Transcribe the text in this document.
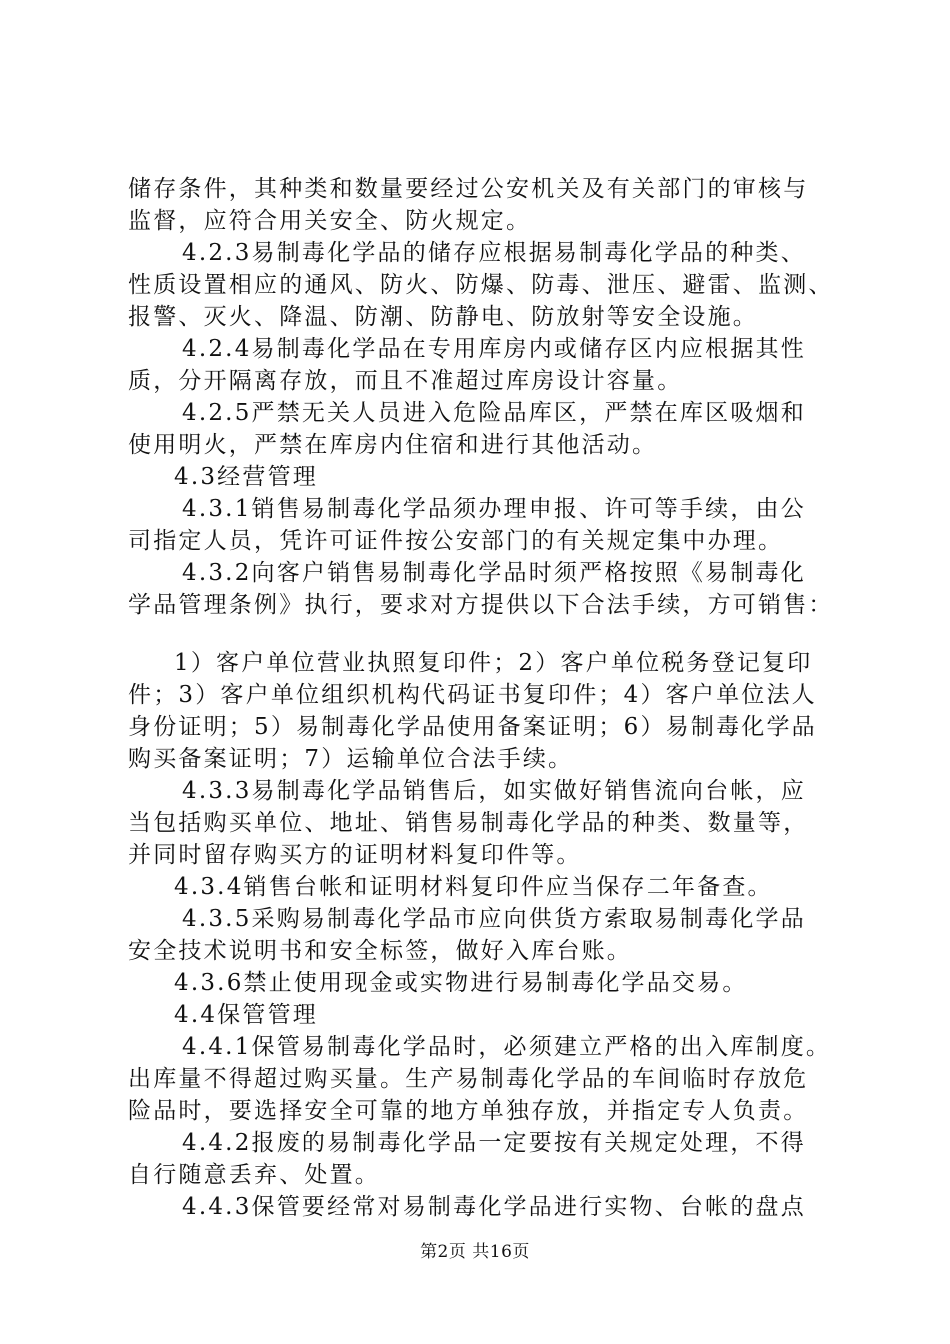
储存条件，其种类和数量要经过公安机关及有关部门的审核与
监督，应符合用关安全、防火规定。
4.2.3易制毒化学品的储存应根据易制毒化学品的种类、
性质设置相应的通风、防火、防爆、防毒、泄压、避雷、监测、
报警、灭火、降温、防潮、防静电、防放射等安全设施。
4.2.4易制毒化学品在专用库房内或储存区内应根据其性
质，分开隔离存放，而且不准超过库房设计容量。
4.2.5严禁无关人员进入危险品库区，严禁在库区吸烟和
使用明火，严禁在库房内住宿和进行其他活动。
4.3经营管理
4.3.1销售易制毒化学品须办理申报、许可等手续，由公
司指定人员，凭许可证件按公安部门的有关规定集中办理。
4.3.2向客户销售易制毒化学品时须严格按照《易制毒化
学品管理条例》执行，要求对方提供以下合法手续，方可销售：
1）客户单位营业执照复印件；2）客户单位税务登记复印
件；3）客户单位组织机构代码证书复印件；4）客户单位法人
身份证明；5）易制毒化学品使用备案证明；6）易制毒化学品
购买备案证明；7）运输单位合法手续。
4.3.3易制毒化学品销售后，如实做好销售流向台帐，应
当包括购买单位、地址、销售易制毒化学品的种类、数量等，
并同时留存购买方的证明材料复印件等。
4.3.4销售台帐和证明材料复印件应当保存二年备查。
4.3.5采购易制毒化学品市应向供货方索取易制毒化学品
安全技术说明书和安全标签，做好入库台账。
4.3.6禁止使用现金或实物进行易制毒化学品交易。
4.4保管管理
4.4.1保管易制毒化学品时，必须建立严格的出入库制度。
出库量不得超过购买量。生产易制毒化学品的车间临时存放危
险品时，要选择安全可靠的地方单独存放，并指定专人负责。
4.4.2报废的易制毒化学品一定要按有关规定处理，不得
自行随意丢弃、处置。
4.4.3保管要经常对易制毒化学品进行实物、台帐的盘点
第2页 共16页
